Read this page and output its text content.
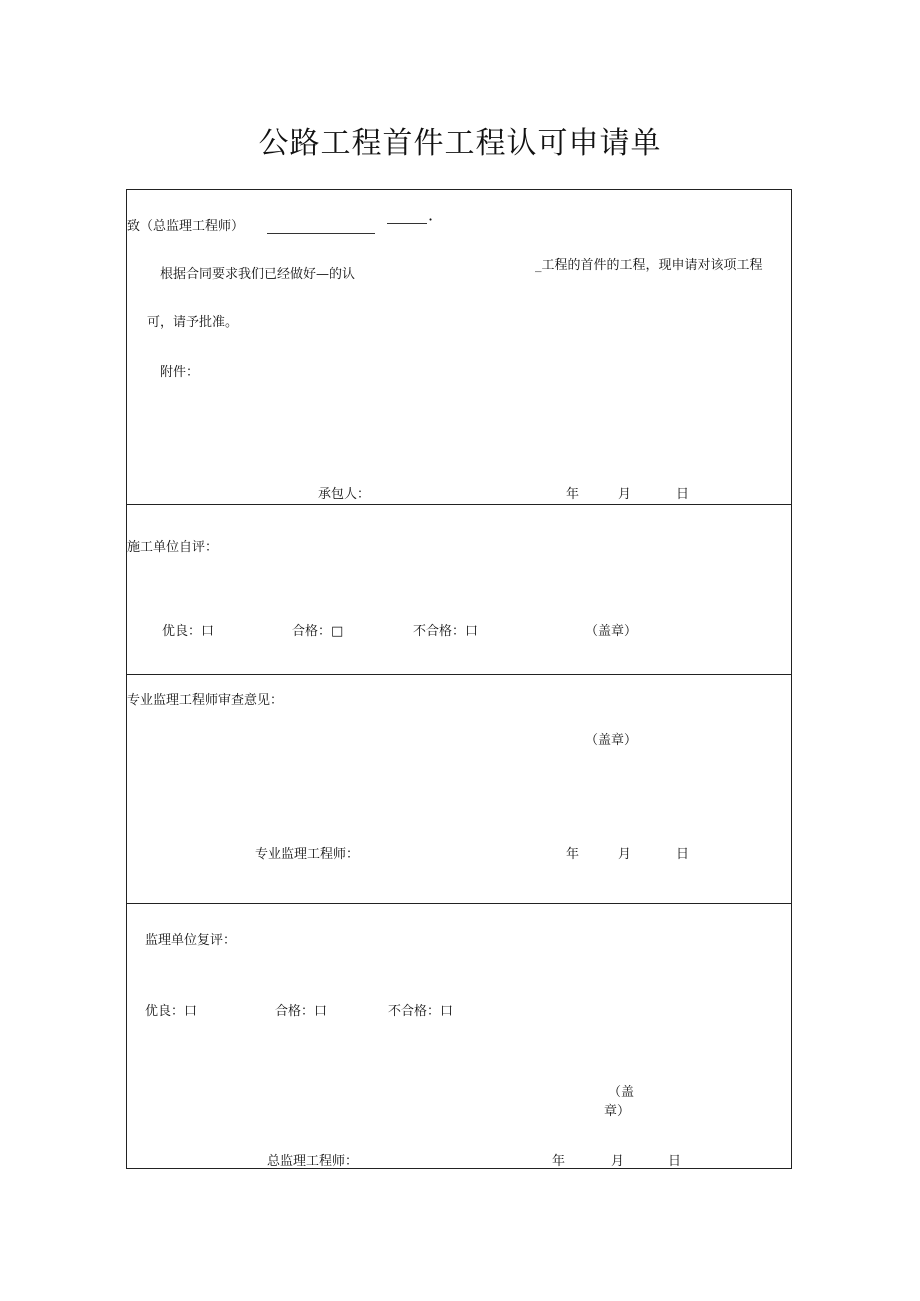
公路工程首件工程认可申请单
致（总监理工程师）	·
根据合同要求我们已经做好—的认
_工程的首件的工程，现申请对该项工程
可，请予批准。
附件：
承包人：	年	月	日
施工单位自评：
优良：口	合格：□	不合格：口	（盖章）
专业监理工程师审查意见：
（盖章）
专业监理工程师：	年	月	日
监理单位复评：
优良：口	合格：口	不合格：口
（盖
章）
总监理工程师：	年	月	日
